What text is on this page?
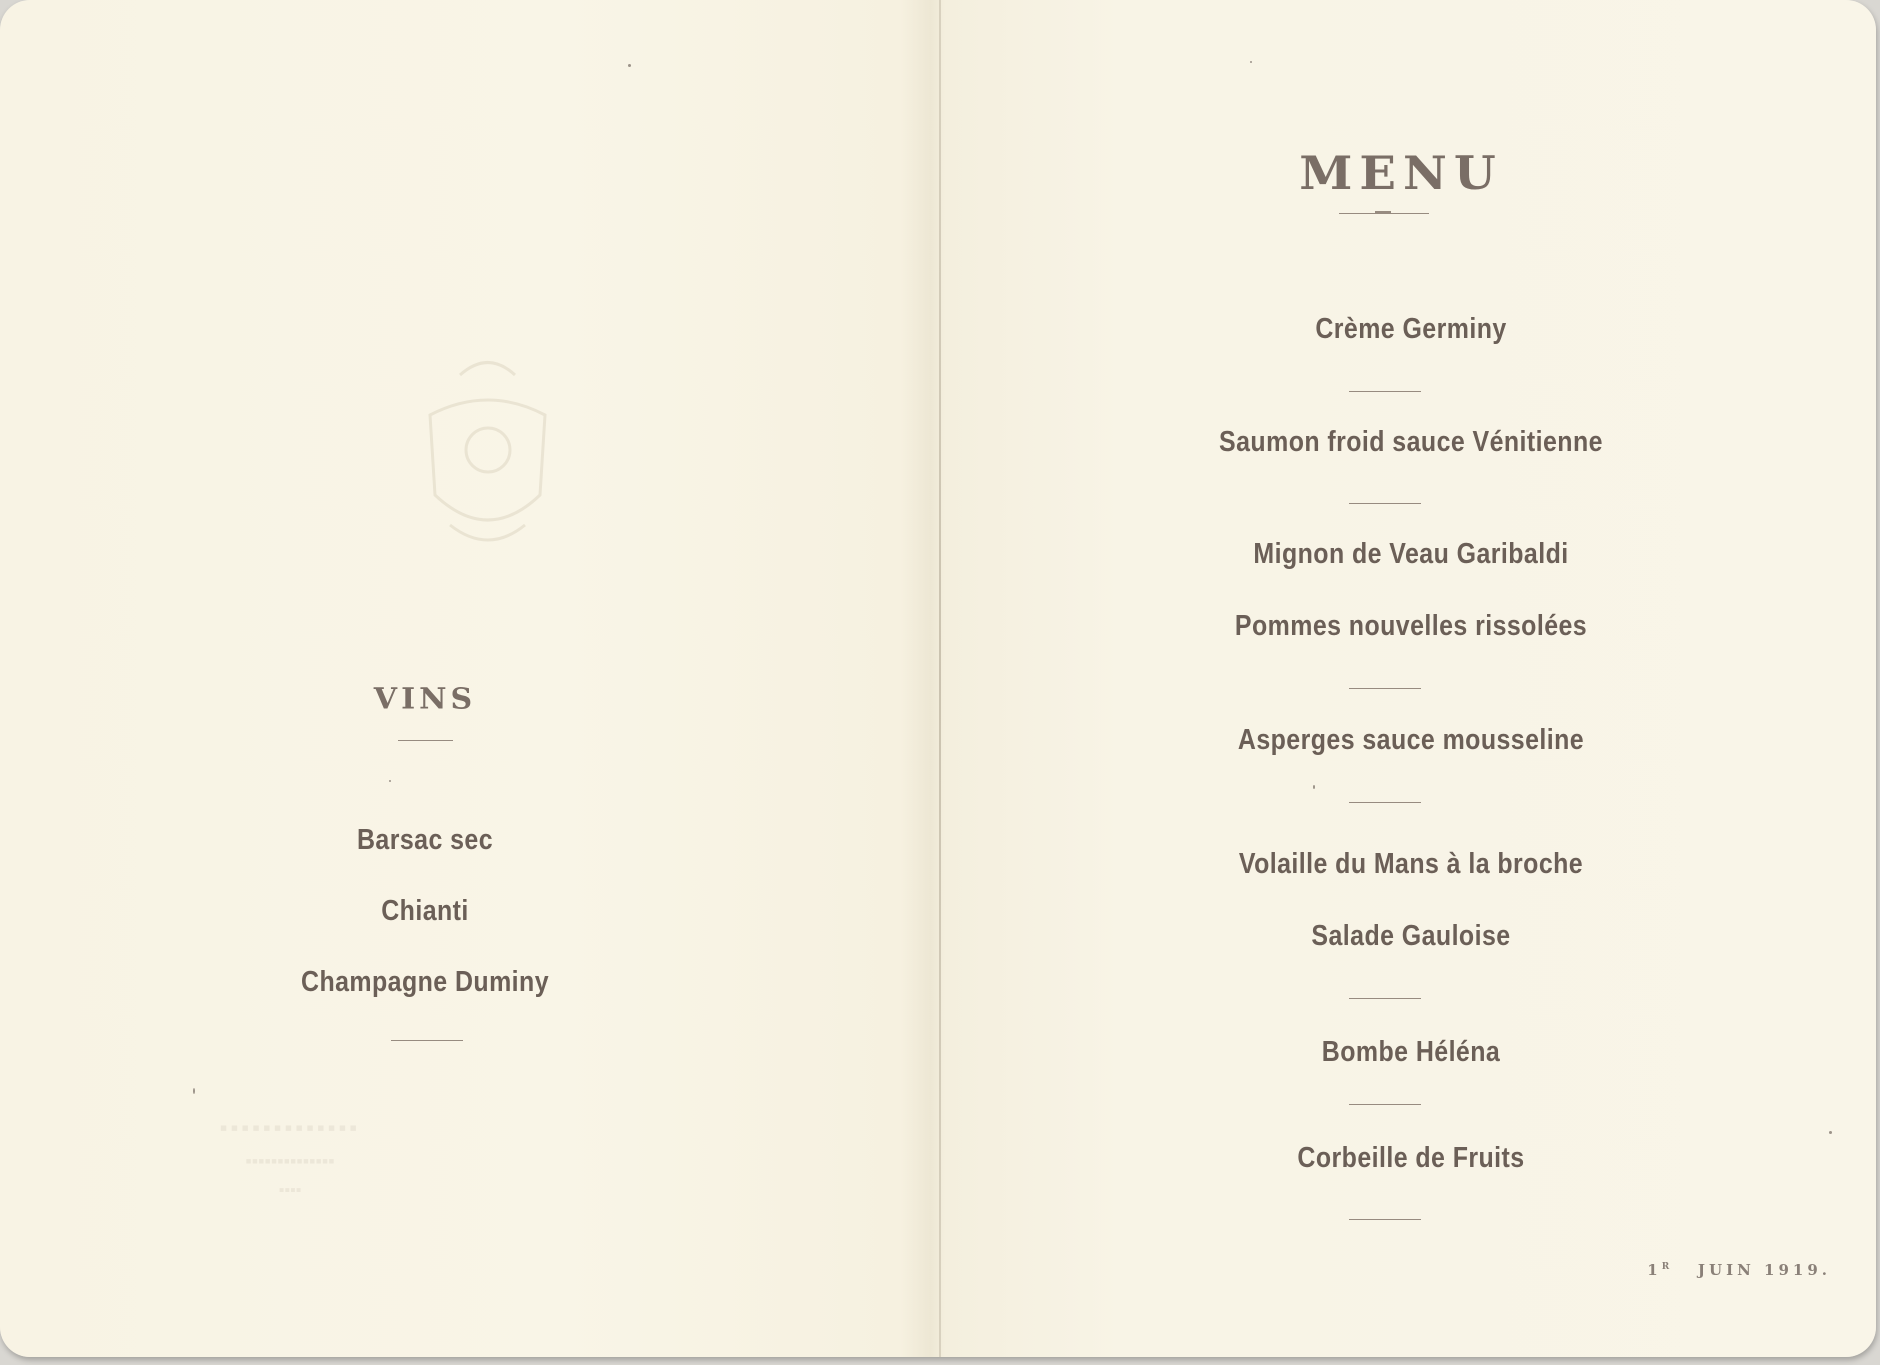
VINS
Barsac sec
Chianti
Champagne Duminy
▪▪▪▪▪▪▪▪▪▪▪▪▪
▪▪▪▪▪▪▪▪▪▪▪▪▪▪
▪▪▪▪
MENU
Crème Germiny
Saumon froid sauce Vénitienne
Mignon de Veau Garibaldi
Pommes nouvelles rissolées
Asperges sauce mousseline
Volaille du Mans à la broche
Salade Gauloise
Bombe Héléna
Corbeille de Fruits
$1^R$ JUIN 1919.
